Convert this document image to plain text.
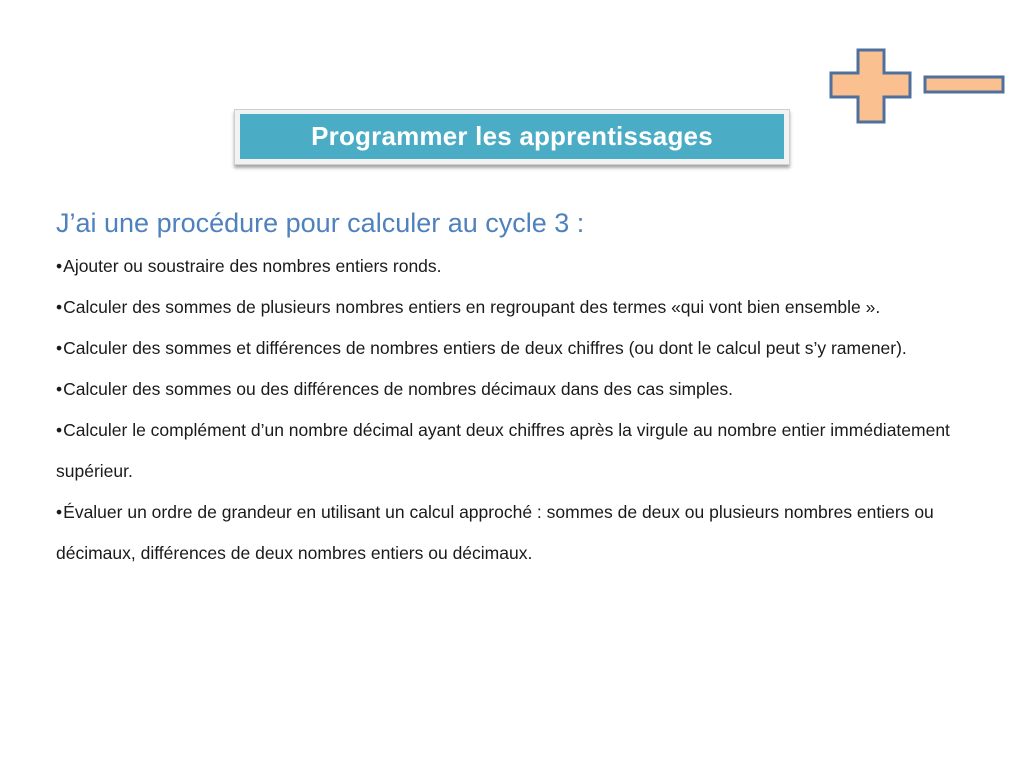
Programmer les apprentissages
J’ai une procédure pour calculer au cycle 3 :
•Ajouter ou soustraire des nombres entiers ronds.
•Calculer des sommes de plusieurs nombres entiers en regroupant des termes «qui vont bien ensemble ».
•Calculer des sommes et différences de nombres entiers de deux chiffres (ou dont le calcul peut s’y ramener).
•Calculer des sommes ou des différences de nombres décimaux dans des cas simples.
•Calculer le complément d’un nombre décimal ayant deux chiffres après la virgule au nombre entier immédiatement supérieur.
•Évaluer un ordre de grandeur en utilisant un calcul approché : sommes de deux ou plusieurs nombres entiers ou décimaux, différences de deux nombres entiers ou décimaux.
